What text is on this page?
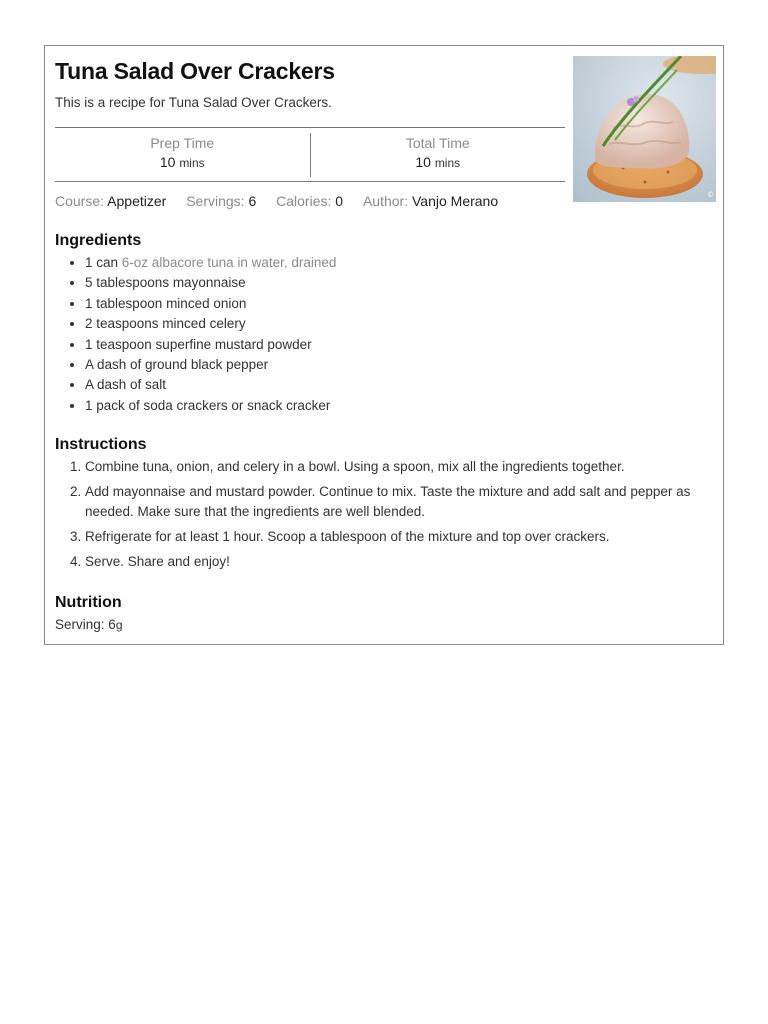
Tuna Salad Over Crackers

This is a recipe for Tuna Salad Over Crackers.

Prep Time
10 mins
Total Time
10 mins
Course: Appetizer Servings: 6 Calories: 0 Author: Vanjo Merano	©
Ingredients
• 1 can 6-oz albacore tuna in water, drained
• 5 tablespoons mayonnaise
• 1 tablespoon minced onion
• 2 teaspoons minced celery
• 1 teaspoon superfine mustard powder
• A dash of ground black pepper
• A dash of salt
• 1 pack of soda crackers or snack cracker
Instructions
1. Combine tuna, onion, and celery in a bowl. Using a spoon, mix all the ingredients together.
2. Add mayonnaise and mustard powder. Continue to mix. Taste the mixture and add salt and pepper as needed. Make sure that the ingredients are well blended.
3. Refrigerate for at least 1 hour. Scoop a tablespoon of the mixture and top over crackers.
4. Serve. Share and enjoy!
Nutrition
Serving: 6g
